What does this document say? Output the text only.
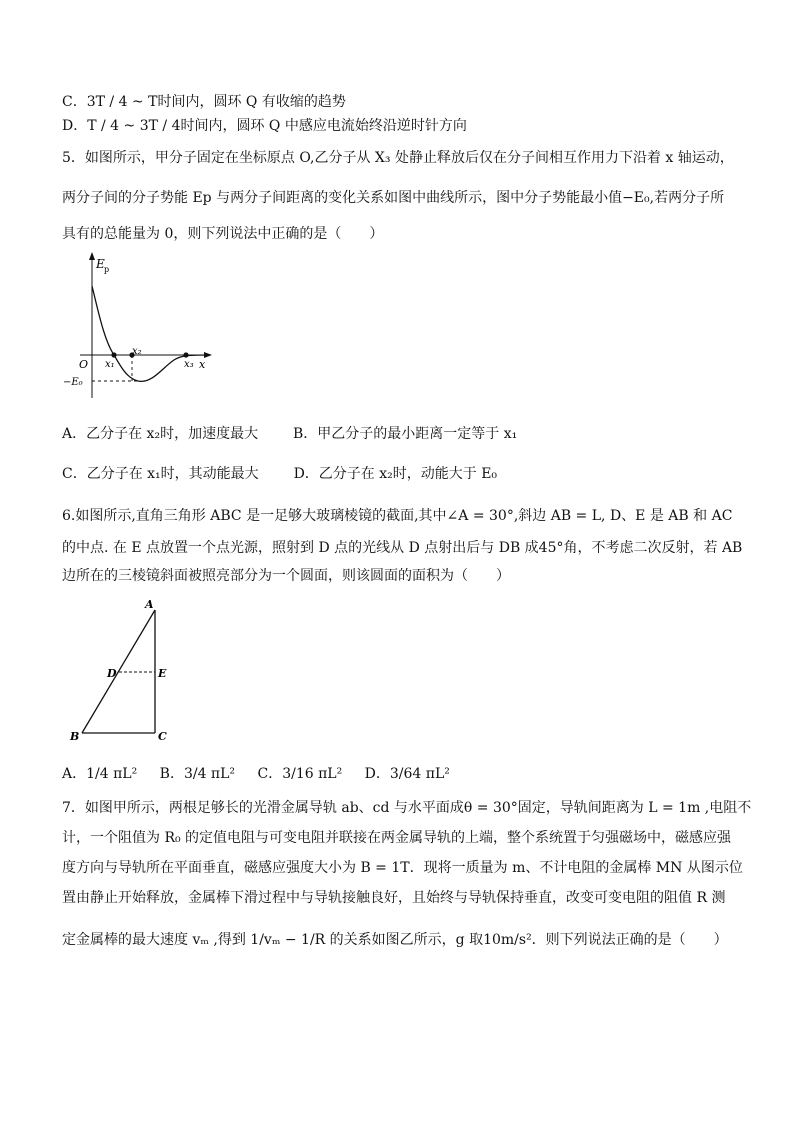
C．3T / 4 ~ T时间内，圆环 Q 有收缩的趋势
D．T / 4 ~ 3T / 4时间内，圆环 Q 中感应电流始终沿逆时针方向
5．如图所示，甲分子固定在坐标原点 O,乙分子从 X₃ 处静止释放后仅在分子间相互作用力下沿着 x 轴运动，
两分子间的分子势能 Ep 与两分子间距离的变化关系如图中曲线所示，图中分子势能最小值−E₀,若两分子所
具有的总能量为 0，则下列说法中正确的是（　　）
E p
O	x
x₁
x₂
x₃
−E₀
A．乙分子在 x₂时，加速度最大 B．甲乙分子的最小距离一定等于 x₁
C．乙分子在 x₁时，其动能最大 D．乙分子在 x₂时，动能大于 E₀
6.如图所示,直角三角形 ABC 是一足够大玻璃棱镜的截面,其中∠A = 30°,斜边 AB = L, D、E 是 AB 和 AC
的中点. 在 E 点放置一个点光源，照射到 D 点的光线从 D 点射出后与 DB 成45°角，不考虑二次反射，若 AB
边所在的三棱镜斜面被照亮部分为一个圆面，则该圆面的面积为（　　）
A
B	C
D	E
A．1/4 πL² B．3/4 πL² C．3/16 πL² D．3/64 πL²
7．如图甲所示，两根足够长的光滑金属导轨 ab、cd 与水平面成θ = 30°固定，导轨间距离为 L = 1m ,电阻不
计，一个阻值为 R₀ 的定值电阻与可变电阻并联接在两金属导轨的上端，整个系统置于匀强磁场中，磁感应强
度方向与导轨所在平面垂直，磁感应强度大小为 B = 1T．现将一质量为 m、不计电阻的金属棒 MN 从图示位
置由静止开始释放，金属棒下滑过程中与导轨接触良好，且始终与导轨保持垂直，改变可变电阻的阻值 R 测
定金属棒的最大速度 vₘ ,得到 1/vₘ − 1/R 的关系如图乙所示，g 取10m/s²．则下列说法正确的是（　　）
